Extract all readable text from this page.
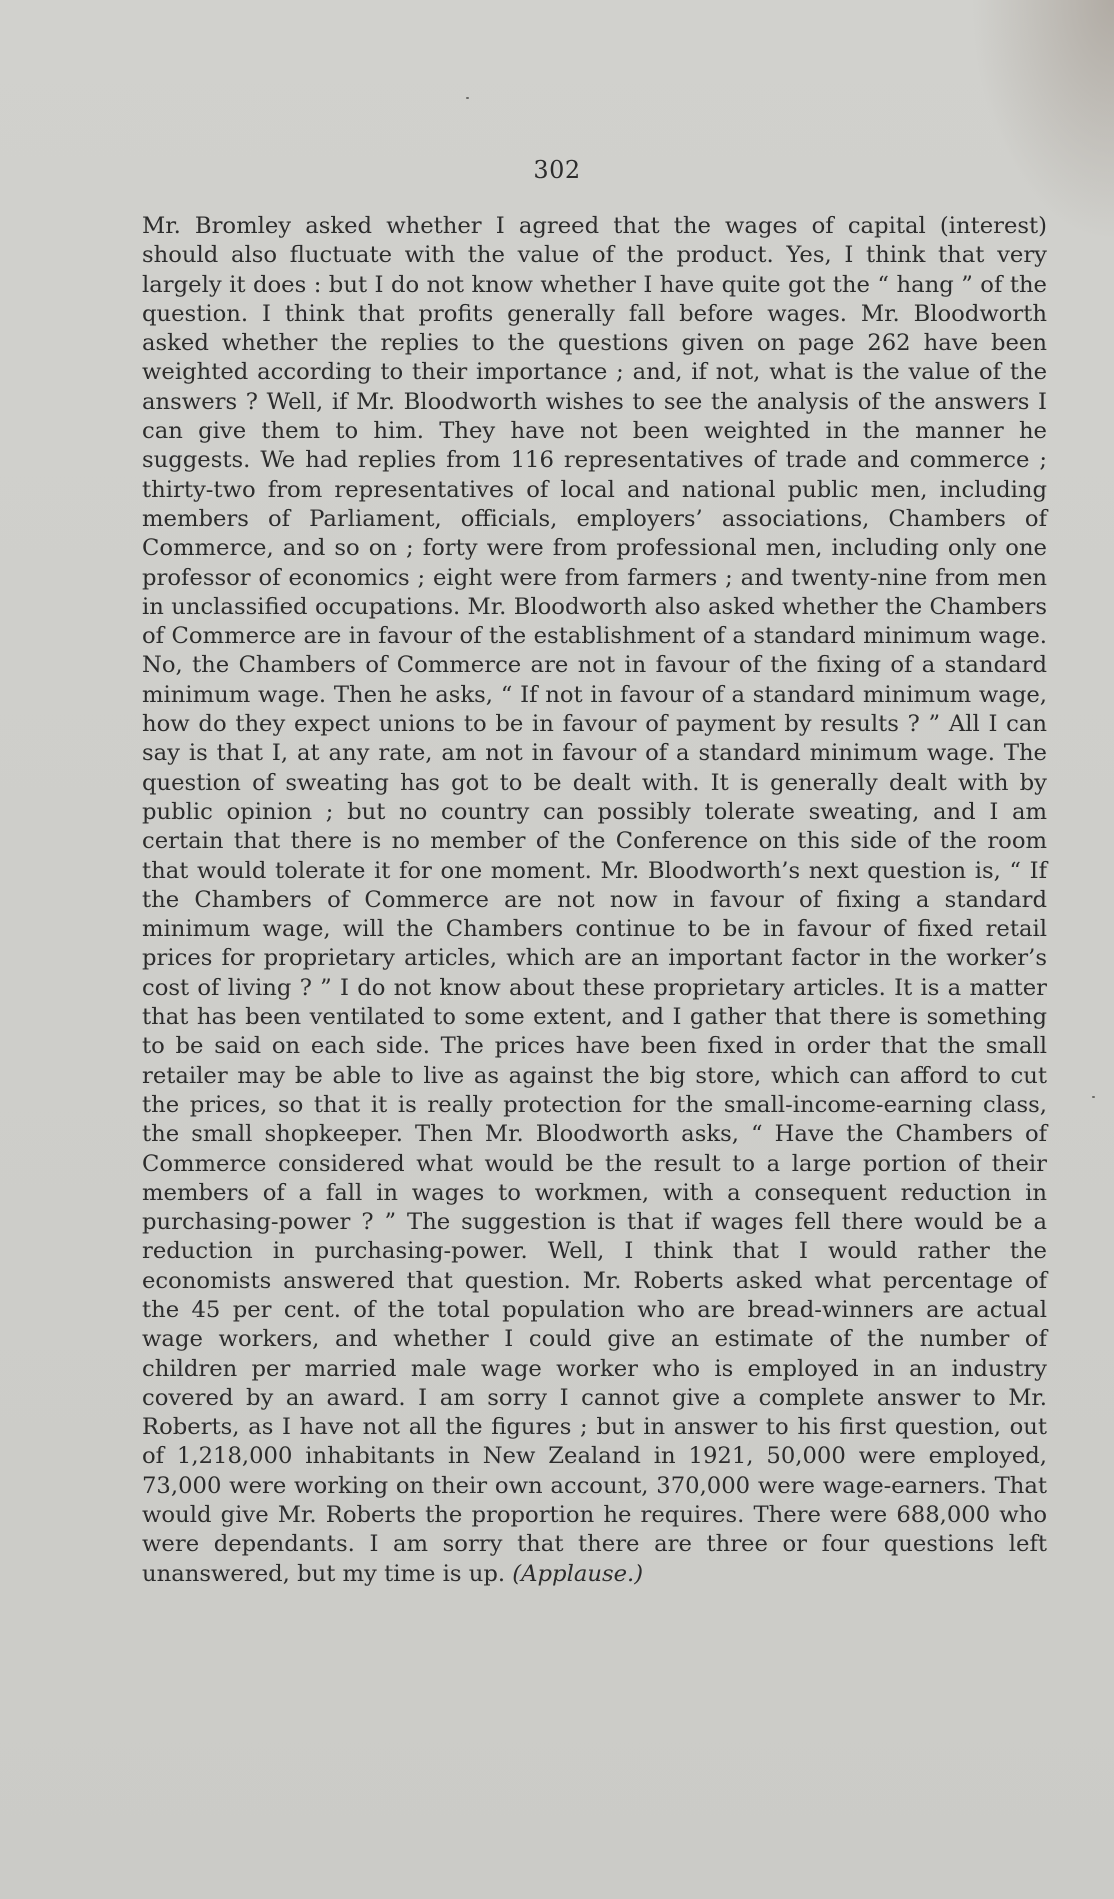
302

Mr. Bromley asked whether I agreed that the wages of capital (interest) should also fluctuate with the value of the product. Yes, I think that very largely it does : but I do not know whether I have quite got the “ hang ” of the question. I think that profits generally fall before wages. Mr. Bloodworth asked whether the replies to the questions given on page 262 have been weighted according to their importance ; and, if not, what is the value of the answers ? Well, if Mr. Bloodworth wishes to see the analysis of the answers I can give them to him. They have not been weighted in the manner he suggests. We had replies from 116 representatives of trade and commerce ; thirty-two from representatives of local and national public men, including members of Parliament, officials, employers’ associations, Chambers of Commerce, and so on ; forty were from professional men, including only one professor of economics ; eight were from farmers ; and twenty-nine from men in unclassified occupations. Mr. Bloodworth also asked whether the Chambers of Commerce are in favour of the establishment of a standard minimum wage. No, the Chambers of Commerce are not in favour of the fixing of a standard minimum wage. Then he asks, “ If not in favour of a standard minimum wage, how do they expect unions to be in favour of payment by results ? ” All I can say is that I, at any rate, am not in favour of a standard minimum wage. The question of sweating has got to be dealt with. It is generally dealt with by public opinion ; but no country can possibly tolerate sweating, and I am certain that there is no member of the Conference on this side of the room that would tolerate it for one moment. Mr. Bloodworth’s next question is, “ If the Chambers of Commerce are not now in favour of fixing a standard minimum wage, will the Chambers continue to be in favour of fixed retail prices for proprietary articles, which are an important factor in the worker’s cost of living ? ” I do not know about these proprietary articles. It is a matter that has been ventilated to some extent, and I gather that there is something to be said on each side. The prices have been fixed in order that the small retailer may be able to live as against the big store, which can afford to cut the prices, so that it is really protection for the small-income-earning class, the small shopkeeper. Then Mr. Bloodworth asks, “ Have the Chambers of Commerce considered what would be the result to a large portion of their members of a fall in wages to workmen, with a consequent reduction in purchasing-power ? ” The suggestion is that if wages fell there would be a reduction in purchasing-power. Well, I think that I would rather the economists answered that question. Mr. Roberts asked what percentage of the 45 per cent. of the total population who are bread-winners are actual wage workers, and whether I could give an estimate of the number of children per married male wage worker who is employed in an industry covered by an award. I am sorry I cannot give a complete answer to Mr. Roberts, as I have not all the figures ; but in answer to his first question, out of 1,218,000 inhabitants in New Zealand in 1921, 50,000 were employed, 73,000 were working on their own account, 370,000 were wage-earners. That would give Mr. Roberts the proportion he requires. There were 688,000 who were dependants. I am sorry that there are three or four questions left unanswered, but my time is up. (Applause.)
